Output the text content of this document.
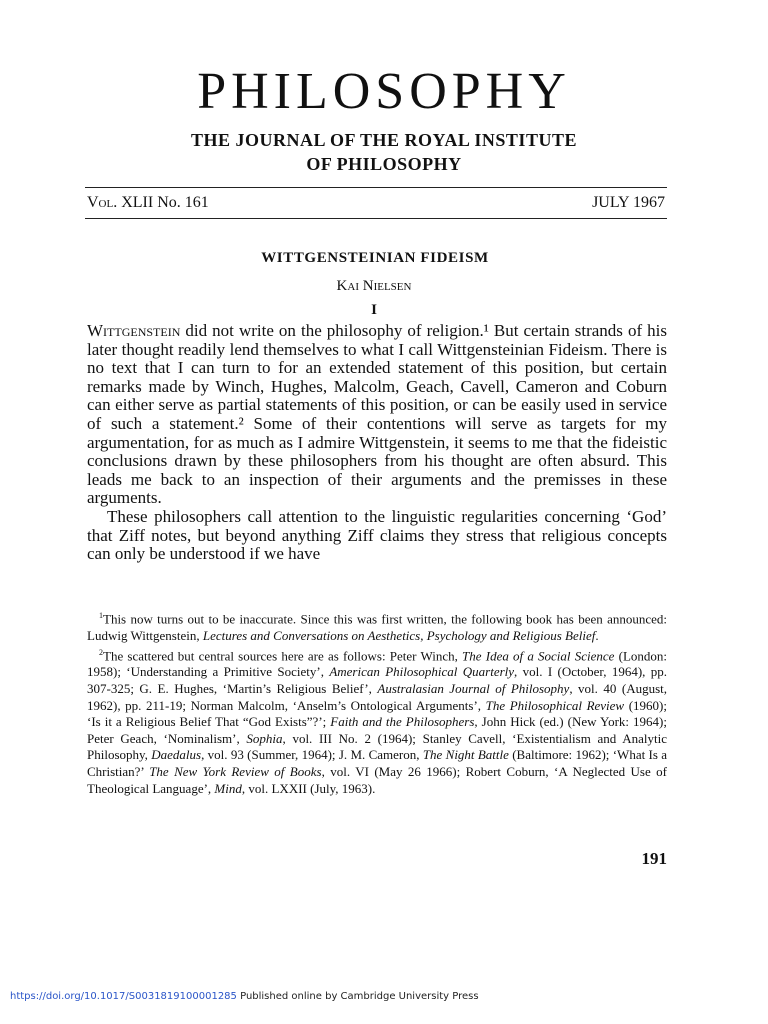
PHILOSOPHY
THE JOURNAL OF THE ROYAL INSTITUTE
OF PHILOSOPHY
Vol. XLII No. 161	JULY 1967
WITTGENSTEINIAN FIDEISM
Kai Nielsen
I

Wittgenstein did not write on the philosophy of religion.¹ But certain strands of his later thought readily lend themselves to what I call Wittgensteinian Fideism. There is no text that I can turn to for an extended statement of this position, but certain remarks made by Winch, Hughes, Malcolm, Geach, Cavell, Cameron and Coburn can either serve as partial statements of this position, or can be easily used in service of such a statement.² Some of their contentions will serve as targets for my argumentation, for as much as I admire Wittgenstein, it seems to me that the fideistic conclusions drawn by these philosophers from his thought are often absurd. This leads me back to an inspection of their arguments and the premisses in these arguments.

These philosophers call attention to the linguistic regularities concerning ‘God’ that Ziff notes, but beyond anything Ziff claims they stress that religious concepts can only be understood if we have

$^1$This now turns out to be inaccurate. Since this was first written, the following book has been announced: Ludwig Wittgenstein, Lectures and Conversations on Aesthetics, Psychology and Religious Belief.

$^2$The scattered but central sources here are as follows: Peter Winch, The Idea of a Social Science (London: 1958); ‘Understanding a Primitive Society’, American Philosophical Quarterly, vol. I (October, 1964), pp. 307-325; G. E. Hughes, ‘Martin’s Religious Belief’, Australasian Journal of Philosophy, vol. 40 (August, 1962), pp. 211-19; Norman Malcolm, ‘Anselm’s Ontological Arguments’, The Philosophical Review (1960); ‘Is it a Religious Belief That “God Exists”?’; Faith and the Philosophers, John Hick (ed.) (New York: 1964); Peter Geach, ‘Nominalism’, Sophia, vol. III No. 2 (1964); Stanley Cavell, ‘Existentialism and Analytic Philosophy, Daedalus, vol. 93 (Summer, 1964); J. M. Cameron, The Night Battle (Baltimore: 1962); ‘What Is a Christian?’ The New York Review of Books, vol. VI (May 26 1966); Robert Coburn, ‘A Neglected Use of Theological Language’, Mind, vol. LXXII (July, 1963).

191
https://doi.org/10.1017/S0031819100001285 Published online by Cambridge University Press
